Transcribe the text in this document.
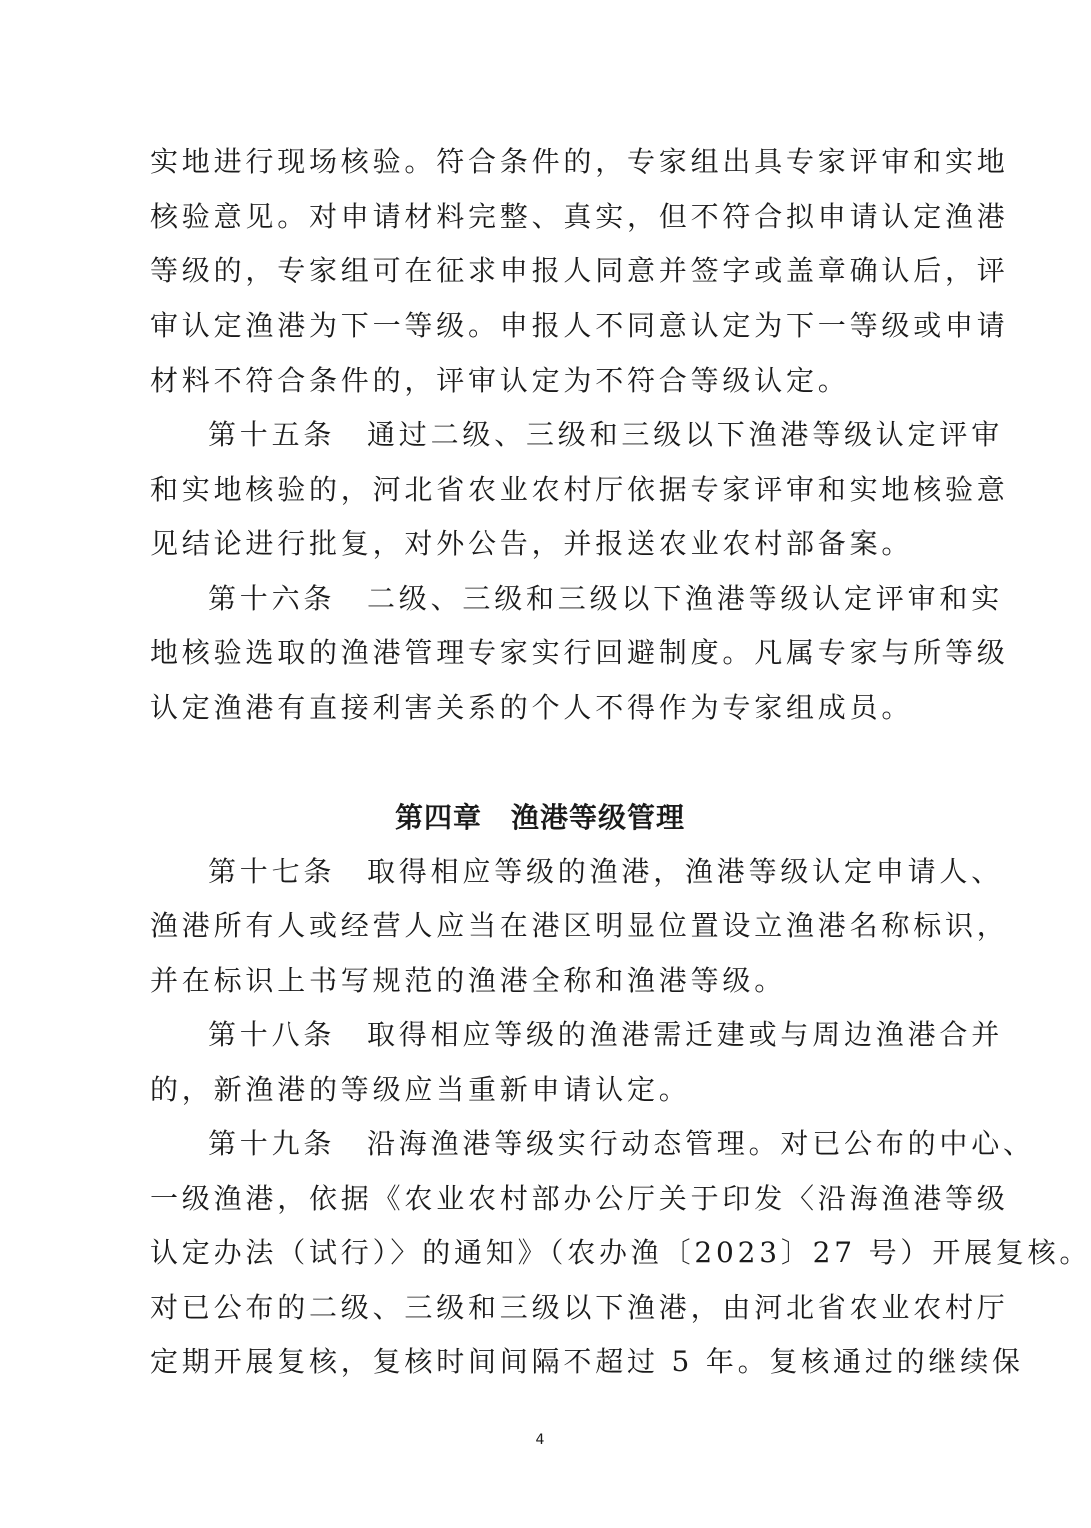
实地进行现场核验。符合条件的，专家组出具专家评审和实地
核验意见。对申请材料完整、真实，但不符合拟申请认定渔港
等级的，专家组可在征求申报人同意并签字或盖章确认后，评
审认定渔港为下一等级。申报人不同意认定为下一等级或申请
材料不符合条件的，评审认定为不符合等级认定。
第十五条　通过二级、三级和三级以下渔港等级认定评审
和实地核验的，河北省农业农村厅依据专家评审和实地核验意
见结论进行批复，对外公告，并报送农业农村部备案。
第十六条　二级、三级和三级以下渔港等级认定评审和实
地核验选取的渔港管理专家实行回避制度。凡属专家与所等级
认定渔港有直接利害关系的个人不得作为专家组成员。
第四章　渔港等级管理
第十七条　取得相应等级的渔港，渔港等级认定申请人、
渔港所有人或经营人应当在港区明显位置设立渔港名称标识，
并在标识上书写规范的渔港全称和渔港等级。
第十八条　取得相应等级的渔港需迁建或与周边渔港合并
的，新渔港的等级应当重新申请认定。
第十九条　沿海渔港等级实行动态管理。对已公布的中心、
一级渔港，依据《农业农村部办公厅关于印发〈沿海渔港等级
认定办法（试行）〉的通知》（农办渔〔2023〕27 号）开展复核。
对已公布的二级、三级和三级以下渔港，由河北省农业农村厅
定期开展复核，复核时间间隔不超过 5 年。复核通过的继续保
4
